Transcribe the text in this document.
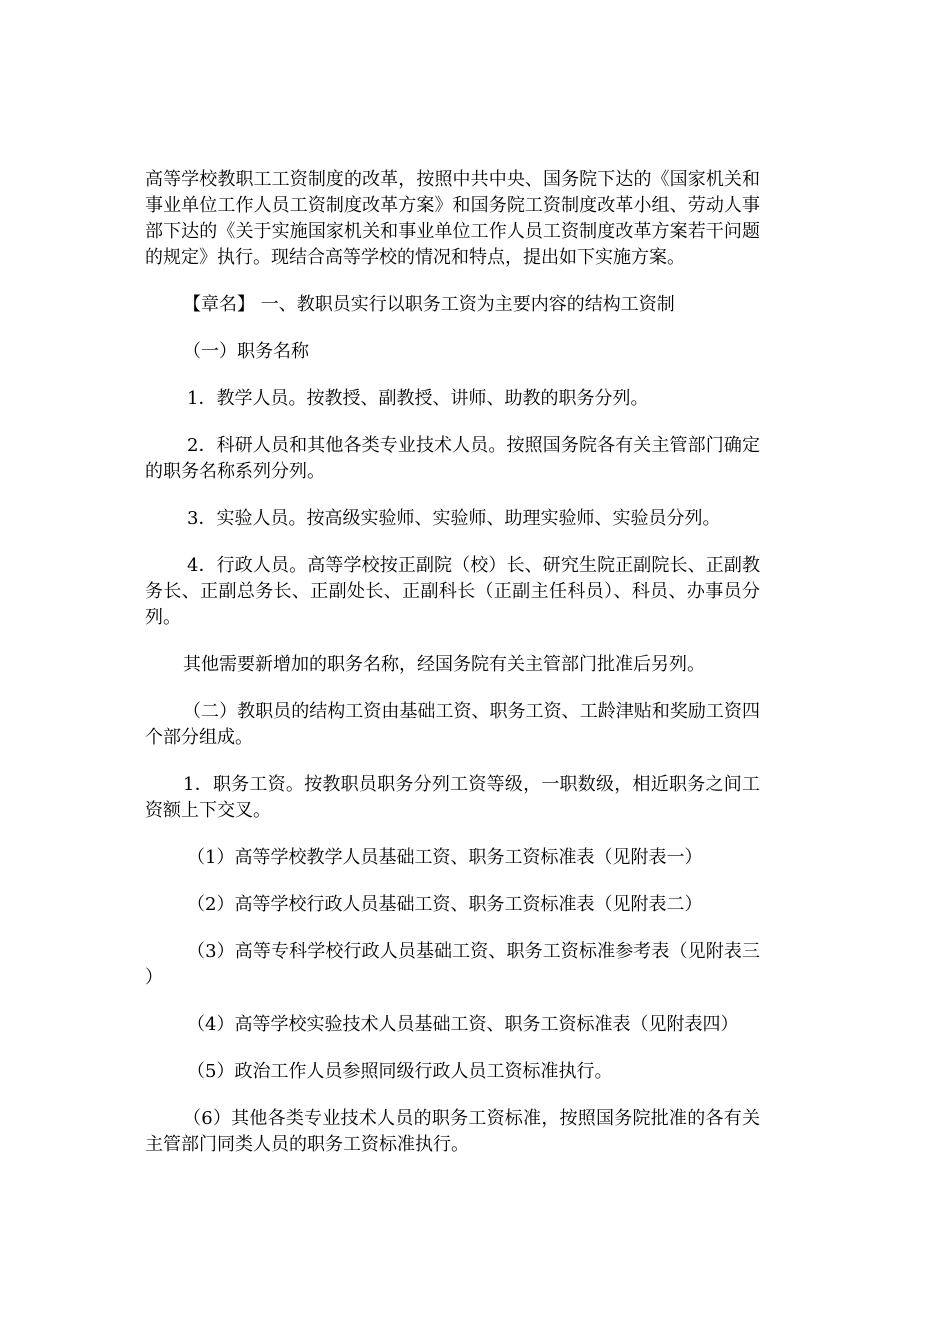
高等学校教职工工资制度的改革，按照中共中央、国务院下达的《国家机关和事业单位工作人员工资制度改革方案》和国务院工资制度改革小组、劳动人事部下达的《关于实施国家机关和事业单位工作人员工资制度改革方案若干问题的规定》执行。现结合高等学校的情况和特点，提出如下实施方案。

【章名】 一、教职员实行以职务工资为主要内容的结构工资制

（一）职务名称

1．教学人员。按教授、副教授、讲师、助教的职务分列。

2．科研人员和其他各类专业技术人员。按照国务院各有关主管部门确定的职务名称系列分列。

3．实验人员。按高级实验师、实验师、助理实验师、实验员分列。

4．行政人员。高等学校按正副院（校）长、研究生院正副院长、正副教务长、正副总务长、正副处长、正副科长（正副主任科员）、科员、办事员分列。

其他需要新增加的职务名称，经国务院有关主管部门批准后另列。

（二）教职员的结构工资由基础工资、职务工资、工龄津贴和奖励工资四个部分组成。

1．职务工资。按教职员职务分列工资等级，一职数级，相近职务之间工资额上下交叉。

（1）高等学校教学人员基础工资、职务工资标准表（见附表一）

（2）高等学校行政人员基础工资、职务工资标准表（见附表二）

（3）高等专科学校行政人员基础工资、职务工资标准参考表（见附表三）

（4）高等学校实验技术人员基础工资、职务工资标准表（见附表四）

（5）政治工作人员参照同级行政人员工资标准执行。

（6）其他各类专业技术人员的职务工资标准，按照国务院批准的各有关主管部门同类人员的职务工资标准执行。
